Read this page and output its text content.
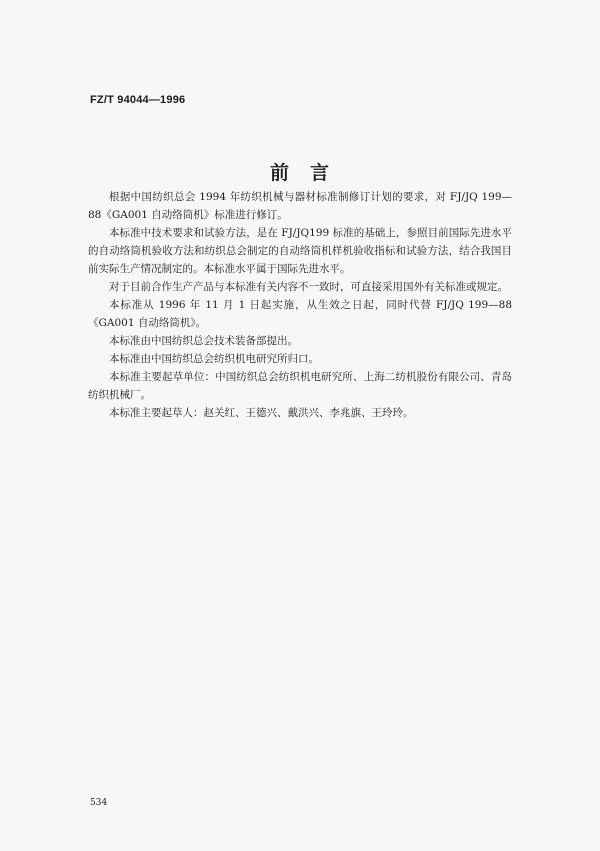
FZ/T 94044—1996
前　言

根据中国纺织总会 1994 年纺织机械与器材标准制修订计划的要求，对 FJ/JQ 199—88《GA001 自动络筒机》标准进行修订。

本标准中技术要求和试验方法，是在 FJ/JQ199 标准的基础上，参照目前国际先进水平的自动络筒机验收方法和纺织总会制定的自动络筒机样机验收指标和试验方法，结合我国目前实际生产情况制定的。本标准水平属于国际先进水平。

对于目前合作生产产品与本标准有关内容不一致时，可直接采用国外有关标准或规定。

本标准从 1996 年 11 月 1 日起实施，从生效之日起，同时代替 FJ/JQ 199—88《GA001 自动络筒机》。

本标准由中国纺织总会技术装备部提出。

本标准由中国纺织总会纺织机电研究所归口。

本标准主要起草单位：中国纺织总会纺织机电研究所、上海二纺机股份有限公司、青岛纺织机械厂。

本标准主要起草人：赵关红、王德兴、戴洪兴、李兆旗、王玲玲。

534
